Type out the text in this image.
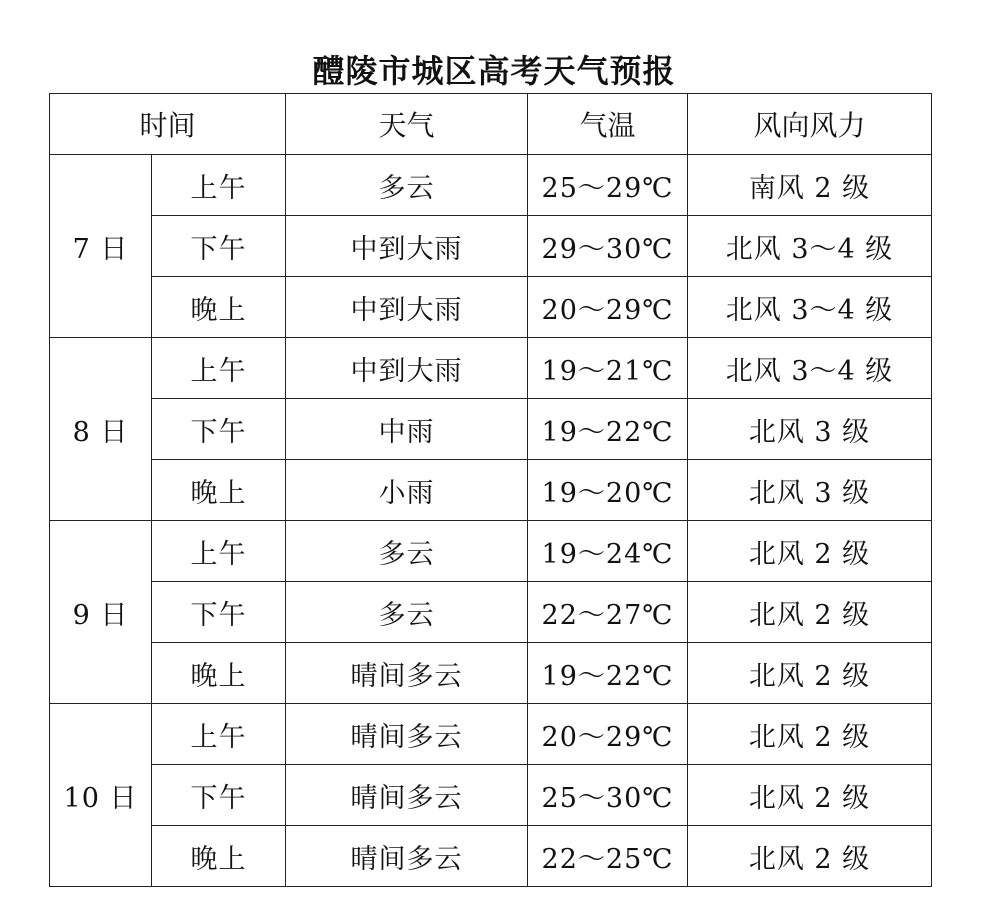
醴陵市城区高考天气预报
时间		天气	气温	风向风力
7 日	上午	多云	25～29℃	南风 2 级
	下午	中到大雨	29～30℃	北风 3～4 级
	晚上	中到大雨	20～29℃	北风 3～4 级
8 日	上午	中到大雨	19～21℃	北风 3～4 级
	下午	中雨	19～22℃	北风 3 级
	晚上	小雨	19～20℃	北风 3 级
9 日	上午	多云	19～24℃	北风 2 级
	下午	多云	22～27℃	北风 2 级
	晚上	晴间多云	19～22℃	北风 2 级
10 日	上午	晴间多云	20～29℃	北风 2 级
	下午	晴间多云	25～30℃	北风 2 级
	晚上	晴间多云	22～25℃	北风 2 级
